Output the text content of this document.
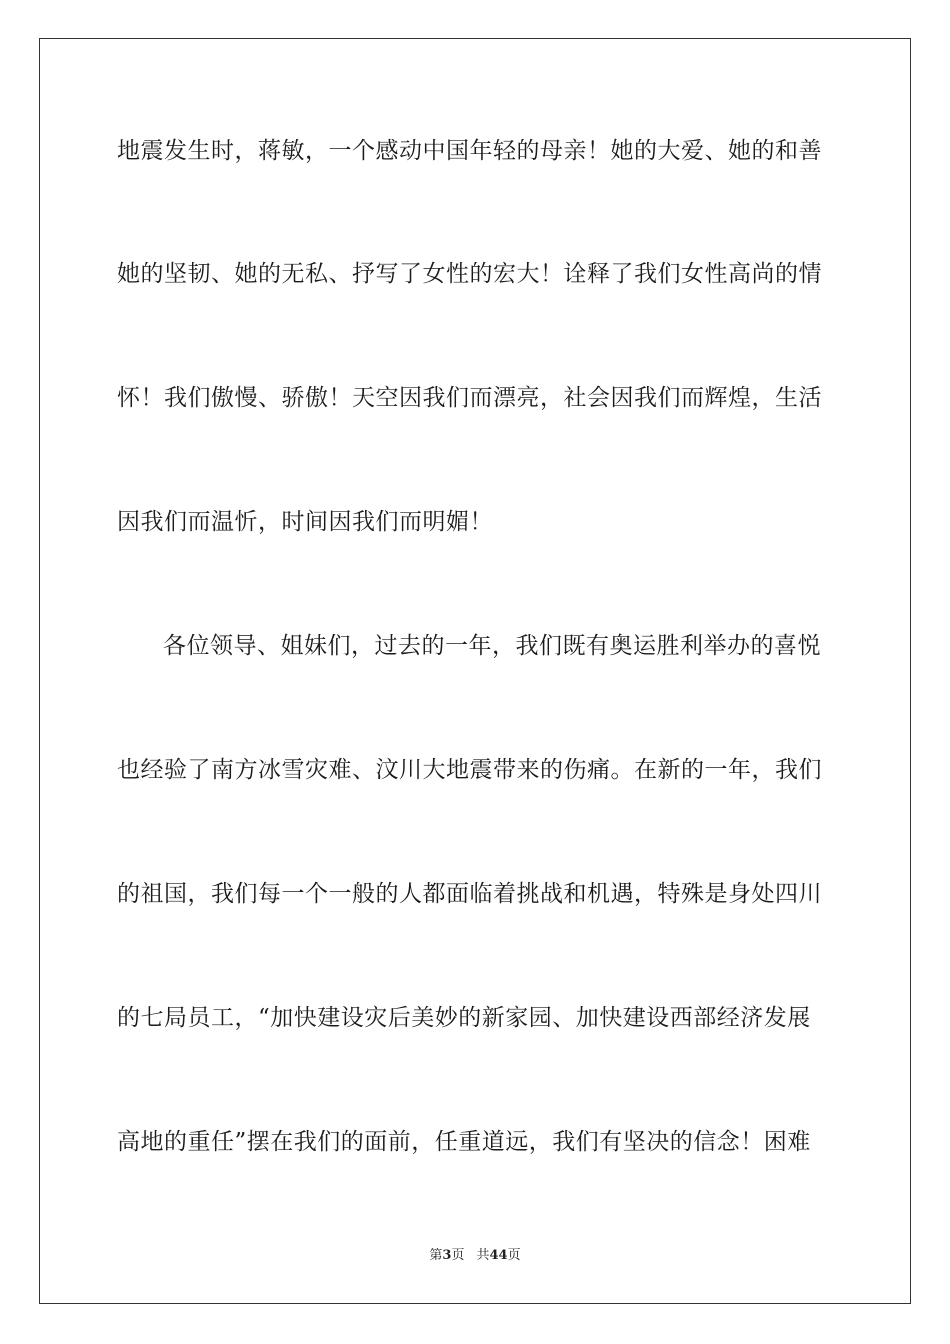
地震发生时，蒋敏，一个感动中国年轻的母亲！她的大爱、她的和善
她的坚韧、她的无私、抒写了女性的宏大！诠释了我们女性高尚的情
怀！我们傲慢、骄傲！天空因我们而漂亮，社会因我们而辉煌，生活
因我们而温忻，时间因我们而明媚！
各位领导、姐妹们，过去的一年，我们既有奥运胜利举办的喜悦
也经验了南方冰雪灾难、汶川大地震带来的伤痛。在新的一年，我们
的祖国，我们每一个一般的人都面临着挑战和机遇，特殊是身处四川
的七局员工，“加快建设灾后美妙的新家园、加快建设西部经济发展
高地的重任”摆在我们的面前，任重道远，我们有坚决的信念！困难
第3页 共44页
